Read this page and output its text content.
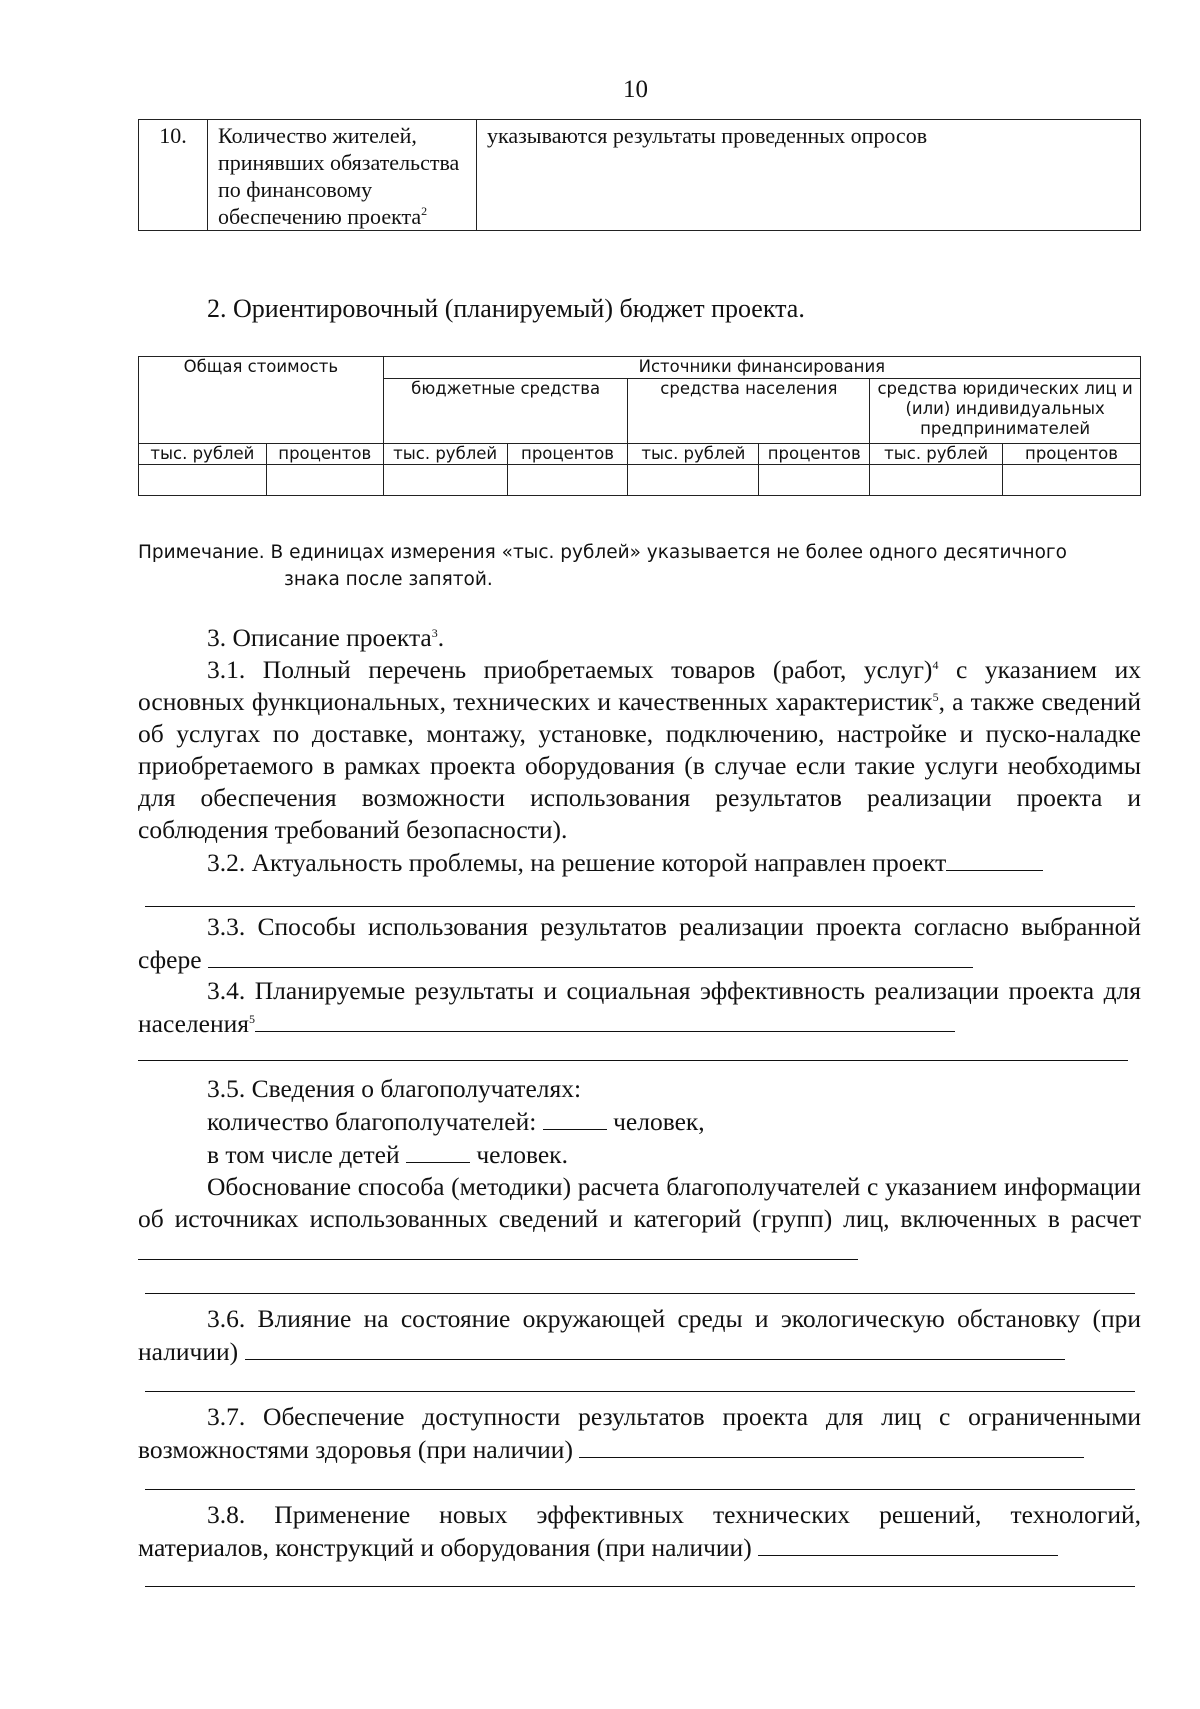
10
10.	Количество жителей, принявших обязательства по финансовому обеспечению проекта$^2$	указываются результаты проведенных опросов
2. Ориентировочный (планируемый) бюджет проекта.
Общая стоимость		Источники финансирования					
		бюджетные средства		средства населения		средства юридических лиц и (или) индивидуальных предпринимателей	
тыс. рублей	процентов	тыс. рублей	процентов	тыс. рублей	процентов	тыс. рублей	процентов

Примечание. В единицах измерения «тыс. рублей» указывается не более одного десятичного
знака после запятой.
3. Описание проекта$^3$.

3.1. Полный перечень приобретаемых товаров (работ, услуг)$^4$ с указанием их основных функциональных, технических и качественных характеристик$^5$, а также сведений об услугах по доставке, монтажу, установке, подключению, настройке и пуско-наладке приобретаемого в рамках проекта оборудования (в случае если такие услуги необходимы для обеспечения возможности использования результатов реализации проекта и соблюдения требований безопасности).

3.2. Актуальность проблемы, на решение которой направлен проект

3.3. Способы использования результатов реализации проекта согласно выбранной сфере

3.4. Планируемые результаты и социальная эффективность реализации проекта для населения$^5$

3.5. Сведения о благополучателях:
количество благополучателей:	человек,
в том числе детей	человек.

Обоснование способа (методики) расчета благополучателей с указанием информации об источниках использованных сведений и категорий (групп) лиц, включенных в расчет

3.6. Влияние на состояние окружающей среды и экологическую обстановку (при наличии)

3.7. Обеспечение доступности результатов проекта для лиц с ограниченными возможностями здоровья (при наличии)

3.8. Применение новых эффективных технических решений, технологий, материалов, конструкций и оборудования (при наличии)
